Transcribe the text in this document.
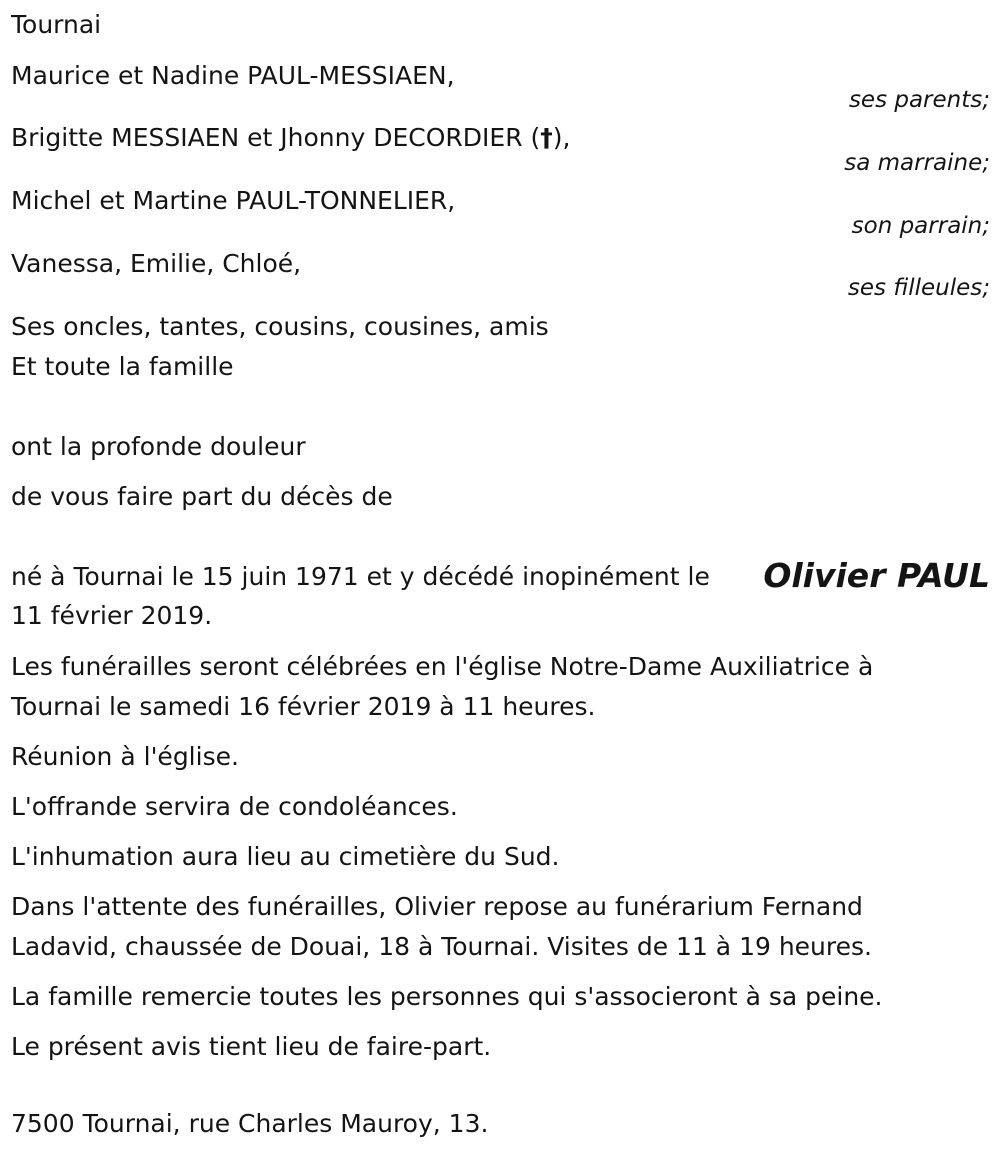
Tournai
Maurice et Nadine PAUL-MESSIAEN,
ses parents;
Brigitte MESSIAEN et Jhonny DECORDIER (†),
sa marraine;
Michel et Martine PAUL-TONNELIER,
son parrain;
Vanessa, Emilie, Chloé,
ses filleules;
Ses oncles, tantes, cousins, cousines, amis
Et toute la famille
ont la profonde douleur
de vous faire part du décès de
né à Tournai le 15 juin 1971 et y décédé inopinément le Olivier PAUL
11 février 2019.

Les funérailles seront célébrées en l'église Notre-Dame Auxiliatrice à Tournai le samedi 16 février 2019 à 11 heures.

Réunion à l'église.

L'offrande servira de condoléances.

L'inhumation aura lieu au cimetière du Sud.

Dans l'attente des funérailles, Olivier repose au funérarium Fernand Ladavid, chaussée de Douai, 18 à Tournai. Visites de 11 à 19 heures.

La famille remercie toutes les personnes qui s'associeront à sa peine.

Le présent avis tient lieu de faire-part.

7500 Tournai, rue Charles Mauroy, 13.
